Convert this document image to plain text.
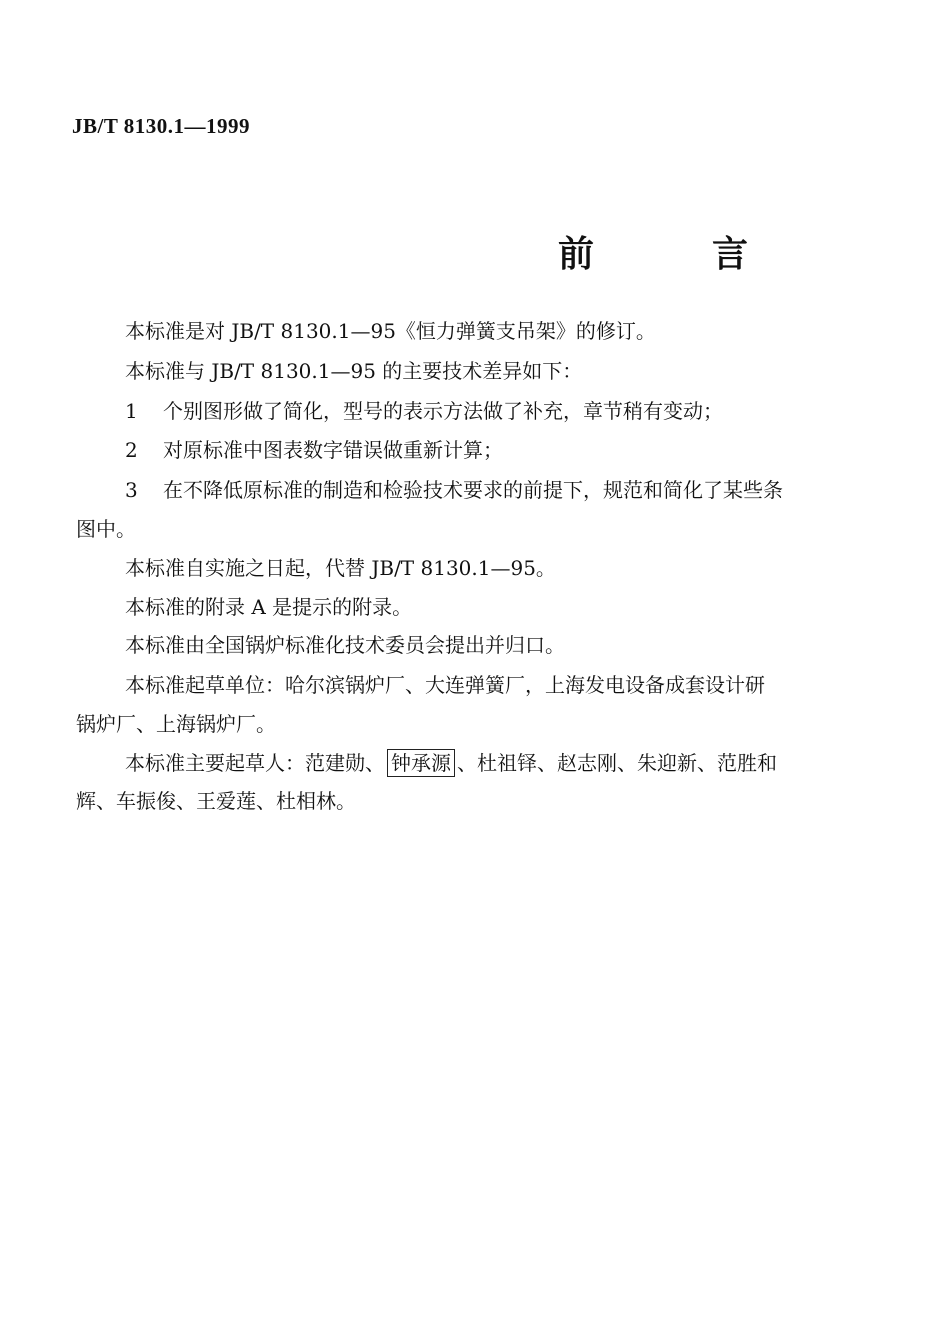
JB/T 8130.1—1999
前	言
本标准是对 JB/T 8130.1—95《恒力弹簧支吊架》的修订。
本标准与 JB/T 8130.1—95 的主要技术差异如下：
1 个别图形做了简化，型号的表示方法做了补充，章节稍有变动；
2 对原标准中图表数字错误做重新计算；
3 在不降低原标准的制造和检验技术要求的前提下，规范和简化了某些条
图中。
本标准自实施之日起，代替 JB/T 8130.1—95。
本标准的附录 A 是提示的附录。
本标准由全国锅炉标准化技术委员会提出并归口。
本标准起草单位：哈尔滨锅炉厂、大连弹簧厂，上海发电设备成套设计研
锅炉厂、上海锅炉厂。
本标准主要起草人：范建勋、 钟承源 、杜祖铎、赵志刚、朱迎新、范胜和
辉、车振俊、王爱莲、杜相林。
